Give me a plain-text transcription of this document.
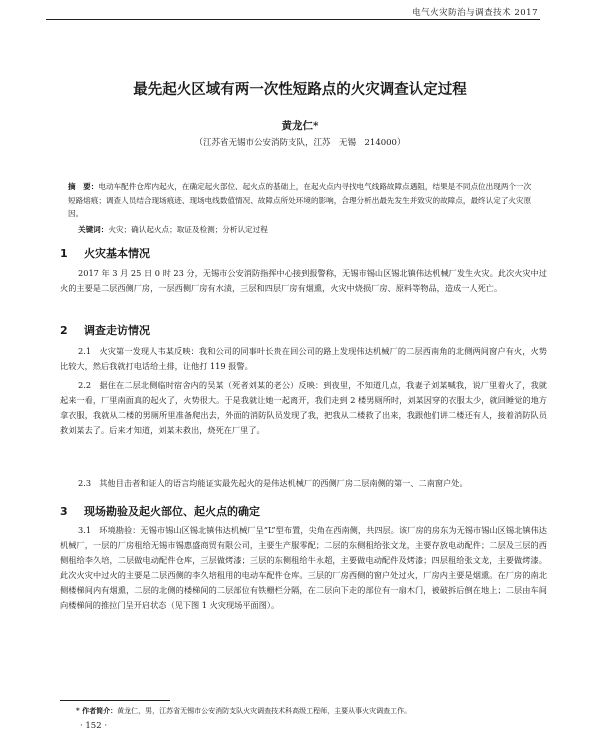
电气火灾防治与调查技术 2017
最先起火区域有两一次性短路点的火灾调查认定过程
黄龙仁*
（江苏省无锡市公安消防支队，江苏　无锡　214000）
摘　要：电动车配件仓库内起火，在确定起火部位、起火点的基础上，在起火点内寻找电气线路故障点遇阻，结果是不同点位出现两个一次短路熔痕；调查人员结合现场痕迹、现场电线数值情况、故障点所处环境的影响，合理分析出最先发生并致灾的故障点，最终认定了火灾原因。
关键词：火灾；确认起火点；取证及检测；分析认定过程
1 火灾基本情况
2017 年 3 月 25 日 0 时 23 分，无锡市公安消防指挥中心接到报警称，无锡市锡山区锡北镇伟达机械厂发生火灾。此次火灾中过火的主要是二层西侧厂房，一层西侧厂房有水渍，三层和四层厂房有烟熏，火灾中烧损厂房、原料等物品，造成一人死亡。
2 调查走访情况
2.1　火灾第一发现人韦某反映：我和公司的同事叶长贵在回公司的路上发现伟达机械厂的二层西南角的北侧两间窗户有火，火势比较大，然后我就打电话给土排，让他打 119 报警。
2.2　据住在二层北侧临时宿舍内的吴某（死者刘某的老公）反映：到夜里，不知道几点，我妻子刘某喊我，说厂里着火了，我就起来一看，厂里南面真的起火了，火势很大。于是我就让她一起离开，我们走到 2 楼男厕所时，刘某因穿的衣服太少，就回睡觉的地方拿衣服，我就从二楼的男厕所里准备爬出去，外面的消防队员发现了我，把我从二楼救了出来，我跟他们讲二楼还有人，接着消防队员救刘某去了。后来才知道，刘某未救出，烧死在厂里了。
2.3　其他目击者和证人的语言均能证实最先起火的是伟达机械厂的西侧厂房二层南侧的第一、二南窗户处。
3 现场勘验及起火部位、起火点的确定
3.1　环境勘验：无锡市锡山区锡北镇伟达机械厂呈“L”型布置，尖角在西南侧，共四层。该厂房的房东为无锡市锡山区锡北镇伟达机械厂，一层的厂房租给无锡市锡惠盛商贸有限公司，主要生产服零配；二层的东侧租给张文龙，主要存放电动配件；二层及三层的西侧租给李久培，二层做电动配件仓库，三层做烤漆；三层的东侧租给牛永超，主要做电动配件及烤漆；四层租给张文龙，主要做烤漆。此次火灾中过火的主要是二层西侧的李久培租用的电动车配件仓库。三层的厂房西侧的窗户处过火，厂房内主要是烟熏。在厂房的南北侧楼梯间内有烟熏，二层的北侧的楼梯间的二层部位有铁栅栏分隔，在二层向下走的部位有一扇木门，被破拆后倒在地上；二层由车间向楼梯间的推拉门呈开启状态（见下图 1 火灾现场平面图）。
* 作者简介：黄龙仁，男，江苏省无锡市公安消防支队火灾调查技术科高级工程师，主要从事火灾调查工作。
· 152 ·
